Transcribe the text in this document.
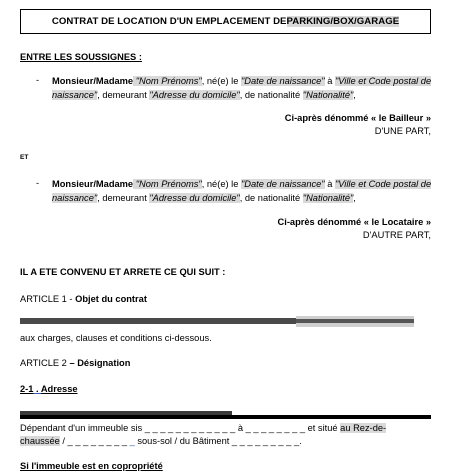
CONTRAT DE LOCATION D'UN EMPLACEMENT DE PARKING/BOX/GARAGE
ENTRE LES SOUSSIGNES :
- Monsieur/Madame "Nom Prénoms", né(e) le "Date de naissance" à "Ville et Code postal de naissance", demeurant "Adresse du domicile", de nationalité "Nationalité",
Ci-après dénommé « le Bailleur »
D'UNE PART,
ET
- Monsieur/Madame "Nom Prénoms", né(e) le "Date de naissance" à "Ville et Code postal de naissance", demeurant "Adresse du domicile", de nationalité "Nationalité",
Ci-après dénommé « le Locataire »
D'AUTRE PART,
IL A ETE CONVENU ET ARRETE CE QUI SUIT :
ARTICLE 1 - Objet du contrat
aux charges, clauses et conditions ci-dessous.
ARTICLE 2 – Désignation
2-1 . Adresse
Dépendant d'un immeuble sis _ _ _ _ _ _ _ _ _ _ _ _ à _ _ _ _ _ _ _ _ et situé au Rez-de-
chaussée / _ _ _ _ _ _ _ _ _ sous-sol / du Bâtiment _ _ _ _ _ _ _ _ _.
Si l'immeuble est en copropriété
